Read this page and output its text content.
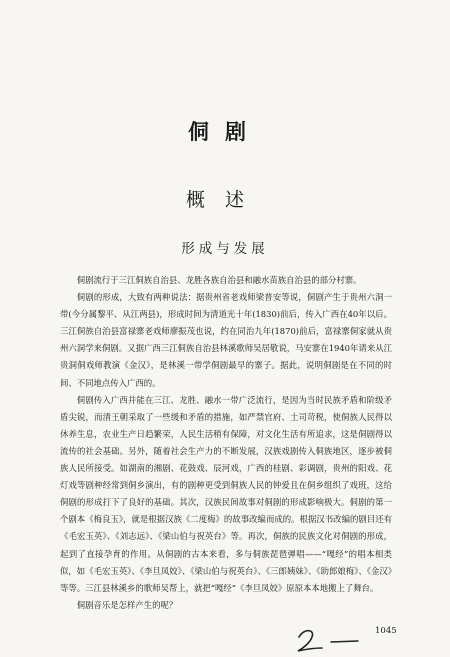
侗剧
概述
形成与发展

侗剧流行于三江侗族自治县、龙胜各族自治县和融水苗族自治县的部分村寨。

侗剧的形成，大致有两种说法：据贵州省老戏师梁普安等说，侗剧产生于贵州六洞一带(今分属黎平、从江两县)，形成时间为清道光十年(1830)前后，传入广西在40年以后。三江侗族自治县富禄寨老戏师廖振茂也说，约在同治九年(1870)前后，富禄寨侗家就从贵州六洞学来侗剧。又据广西三江侗族自治县林溪歌师吴居敬说，马安寨在1940年请来从江贵洞侗戏师教演《金汉》，是林溪一带学侗剧最早的寨子。据此，说明侗剧是在不同的时间、不同地点传入广西的。

侗剧传入广西并能在三江、龙胜、融水一带广泛流行，是因为当时民族矛盾和阶级矛盾尖锐，而清王朝采取了一些缓和矛盾的措施，如严禁官府、土司苛税，使侗族人民得以休养生息，农业生产日趋繁荣，人民生活稍有保障，对文化生活有所追求，这是侗剧得以流传的社会基础。另外，随着社会生产力的不断发展，汉族戏剧传入侗族地区，逐步被侗族人民所接受。如湖南的湘剧、花鼓戏、辰河戏，广西的桂剧、彩调剧，贵州的阳戏、花灯戏等剧种经常到侗乡演出，有的剧种更受到侗族人民的钟爱且在侗乡组织了戏班，这给侗剧的形成打下了良好的基础。其次，汉族民间故事对侗剧的形成影响极大。侗剧的第一个剧本《梅良玉》，就是根据汉族《二度梅》的故事改编而成的。根据汉书改编的剧目还有《毛宏玉英》、《刘志远》、《梁山伯与祝英台》等。再次，侗族的民族文化对侗剧的形成，起到了直接孕育的作用。从侗剧的古本来看，多与侗族琵琶弹唱——“嘎经”的唱本相类似，如《毛宏玉英》、《李旦凤姣》、《梁山伯与祝英台》、《三郎姨妹》、《助郎娘梅》、《金汉》等等。三江县林溪乡的歌师吴帮上，就把“嘎经”《李旦凤姣》原原本本地搬上了舞台。

侗剧音乐是怎样产生的呢？

1045
